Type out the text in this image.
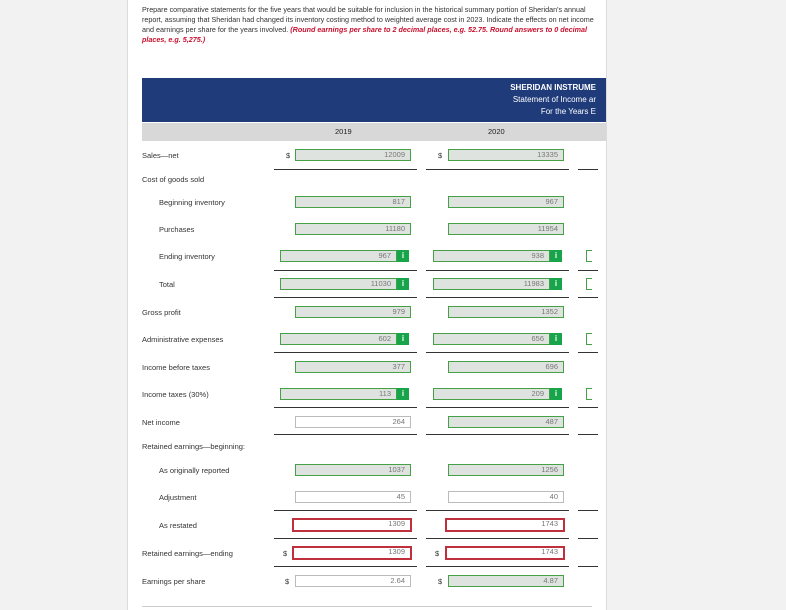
Prepare comparative statements for the five years that would be suitable for inclusion in the historical summary portion of Sheridan's annual report, assuming that Sheridan had changed its inventory costing method to weighted average cost in 2023. Indicate the effects on net income and earnings per share for the years involved. (Round earnings per share to 2 decimal places, e.g. 52.75. Round answers to 0 decimal places, e.g. 5,275.)
SHERIDAN INSTRUME
Statement of Income ar
For the Years E
2019	2020
Sales—net	$	12009	$	13335
Cost of goods sold
Beginning inventory	817	967
Purchases	11180	11954
Ending inventory	967	i	938	i
Total	11030	i	11983	i
Gross profit	979	1352
Administrative expenses	602	i	656	i
Income before taxes	377	696
Income taxes (30%)	113	i	209	i
Net income	264	487
Retained earnings—beginning:
As originally reported	1037	1256
Adjustment	45	40
As restated	1309	1743
Retained earnings—ending	$	1309	$	1743
Earnings per share	$	2.64	$	4.87
